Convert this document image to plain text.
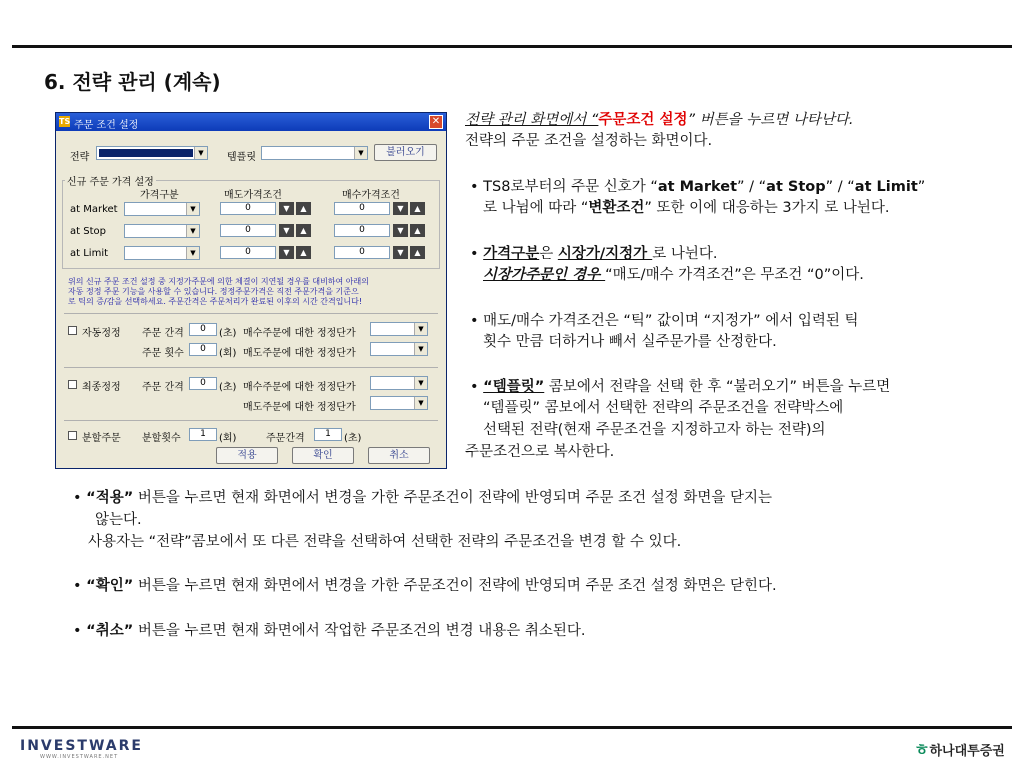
6. 전략 관리 (계속)
TS 주문 조건 설정	✕
전략	▼	템플릿	▼	불러오기
신규 주문 가격 설정
가격구분	매도가격조건	매수가격조건
at Market	▼	0	▼	▲	0	▼	▲
at Stop	▼	0	▼	▲	0	▼	▲
at Limit	▼	0	▼	▲	0	▼	▲
위의 신규 주문 조건 설정 중 지정가주문에 의한 체결이 지연될 경우를 대비하여 아래의
자동 정정 주문 기능을 사용할 수 있습니다. 정정주문가격은 직전 주문가격을 기준으
로 틱의 증/감을 선택하세요. 주문간격은 주문처리가 완료된 이후의 시간 간격입니다!
자동정정 주문 간격	0	(초) 매수주문에 대한 정정단가	▼
주문 횟수	0	(회) 매도주문에 대한 정정단가	▼
최종정정 주문 간격	0	(초) 매수주문에 대한 정정단가	▼
매도주문에 대한 정정단가	▼
분할주문 분할횟수	1	(회)	주문간격	1	(초)
적용	확인	취소
전략 관리 화면에서 “주문조건 설정” 버튼을 누르면 나타난다.
전략의 주문 조건을 설정하는 화면이다.
• TS8로부터의 주문 신호가 “at Market” / “at Stop” / “at Limit”
로 나뉨에 따라 “변환조건” 또한 이에 대응하는 3가지 로 나뉜다.
• 가격구분은 시장가/지정가 로 나뉜다.
시장가주문인 경우 “매도/매수 가격조건”은 무조건 “0”이다.
• 매도/매수 가격조건은 “틱” 값이며 “지정가” 에서 입력된 틱
횟수 만큼 더하거나 빼서 실주문가를 산정한다.
• “템플릿” 콤보에서 전략을 선택 한 후 “불러오기” 버튼을 누르면
“템플릿” 콤보에서 선택한 전략의 주문조건을 전략박스에
선택된 전략(현재 주문조건을 지정하고자 하는 전략)의
주문조건으로 복사한다.
• “적용” 버튼을 누르면 현재 화면에서 변경을 가한 주문조건이 전략에 반영되며 주문 조건 설정 화면을 닫지는
않는다.
사용자는 “전략”콤보에서 또 다른 전략을 선택하여 선택한 전략의 주문조건을 변경 할 수 있다.
• “확인” 버튼을 누르면 현재 화면에서 변경을 가한 주문조건이 전략에 반영되며 주문 조건 설정 화면은 닫힌다.
• “취소” 버튼을 누르면 현재 화면에서 작업한 주문조건의 변경 내용은 취소된다.
INVESTWARE
WWW.INVESTWARE.NET	ㅎ하나대투증권
